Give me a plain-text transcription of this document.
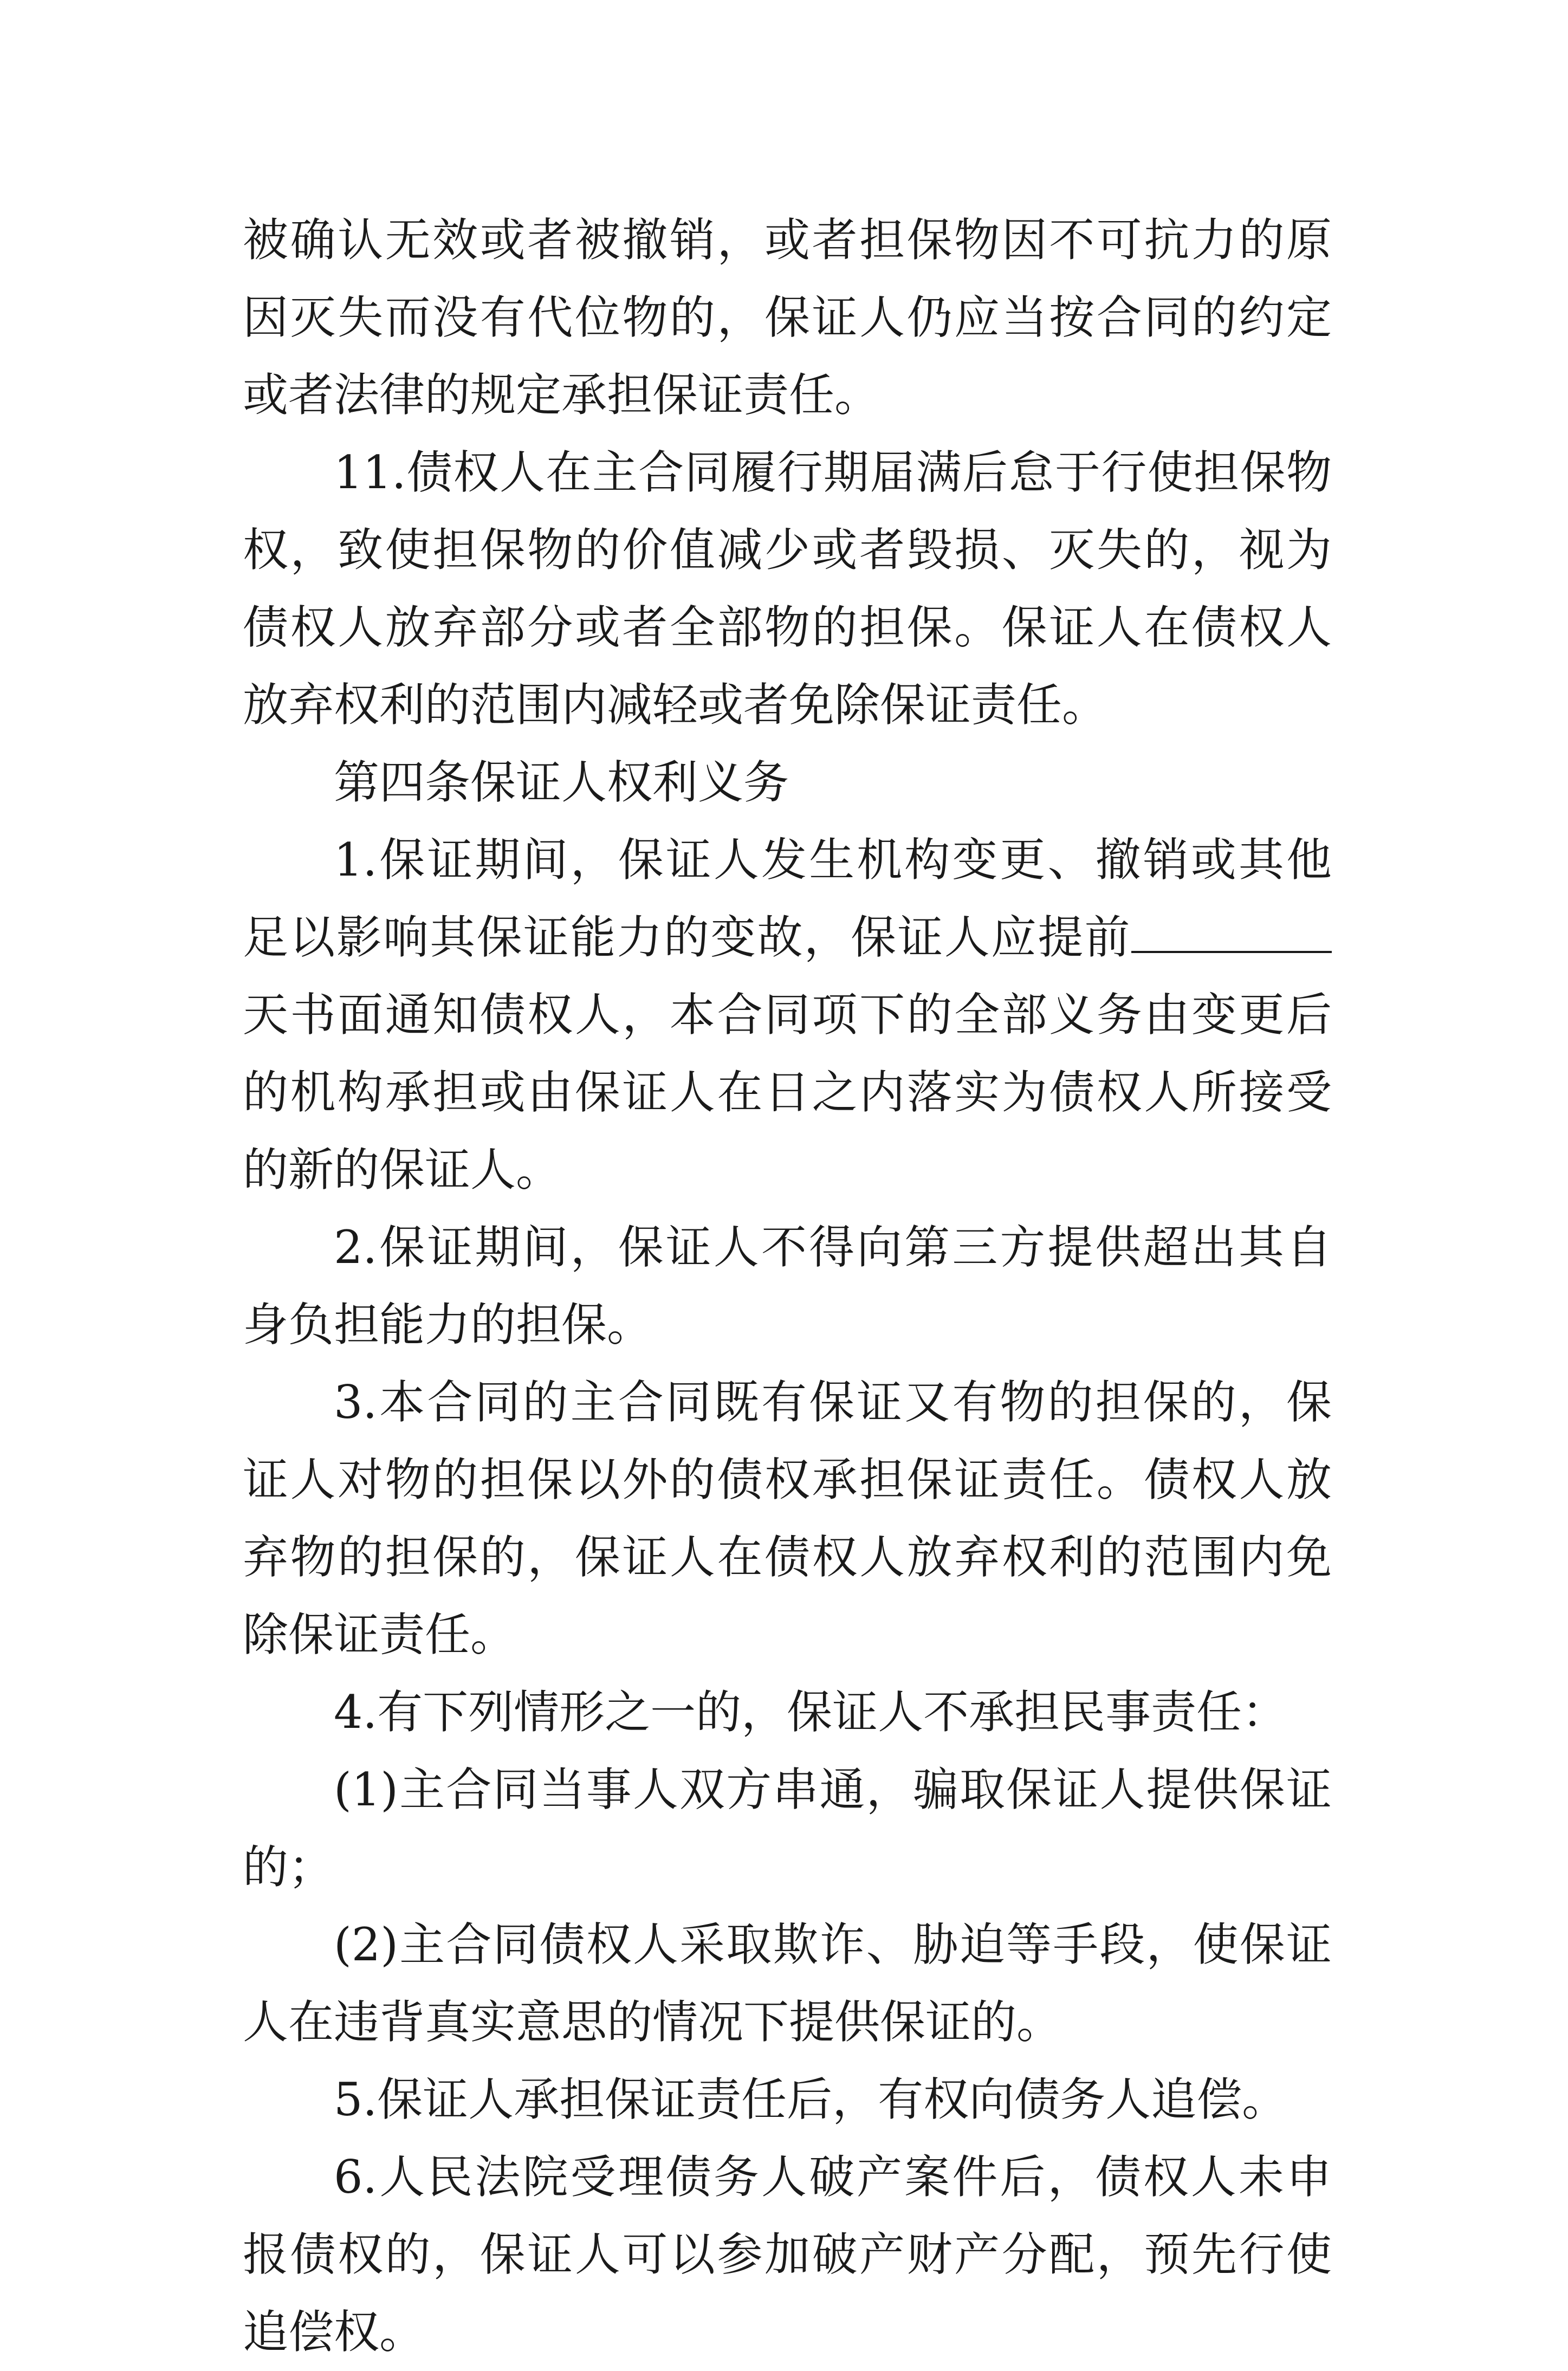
被确认无效或者被撤销，或者担保物因不可抗力的原因灭失而没有代位物的，保证人仍应当按合同的约定或者法律的规定承担保证责任。

11.债权人在主合同履行期届满后怠于行使担保物权，致使担保物的价值减少或者毁损、灭失的，视为债权人放弃部分或者全部物的担保。保证人在债权人放弃权利的范围内减轻或者免除保证责任。

第四条保证人权利义务

1.保证期间，保证人发生机构变更、撤销或其他足以影响其保证能力的变故，保证人应提前天书面通知债权人，本合同项下的全部义务由变更后的机构承担或由保证人在日之内落实为债权人所接受的新的保证人。

2.保证期间，保证人不得向第三方提供超出其自身负担能力的担保。

3.本合同的主合同既有保证又有物的担保的，保证人对物的担保以外的债权承担保证责任。债权人放弃物的担保的，保证人在债权人放弃权利的范围内免除保证责任。

4.有下列情形之一的，保证人不承担民事责任：

(1)主合同当事人双方串通，骗取保证人提供保证的；

(2)主合同债权人采取欺诈、胁迫等手段，使保证人在违背真实意思的情况下提供保证的。

5.保证人承担保证责任后，有权向债务人追偿。

6.人民法院受理债务人破产案件后，债权人未申报债权的，保证人可以参加破产财产分配，预先行使追偿权。
